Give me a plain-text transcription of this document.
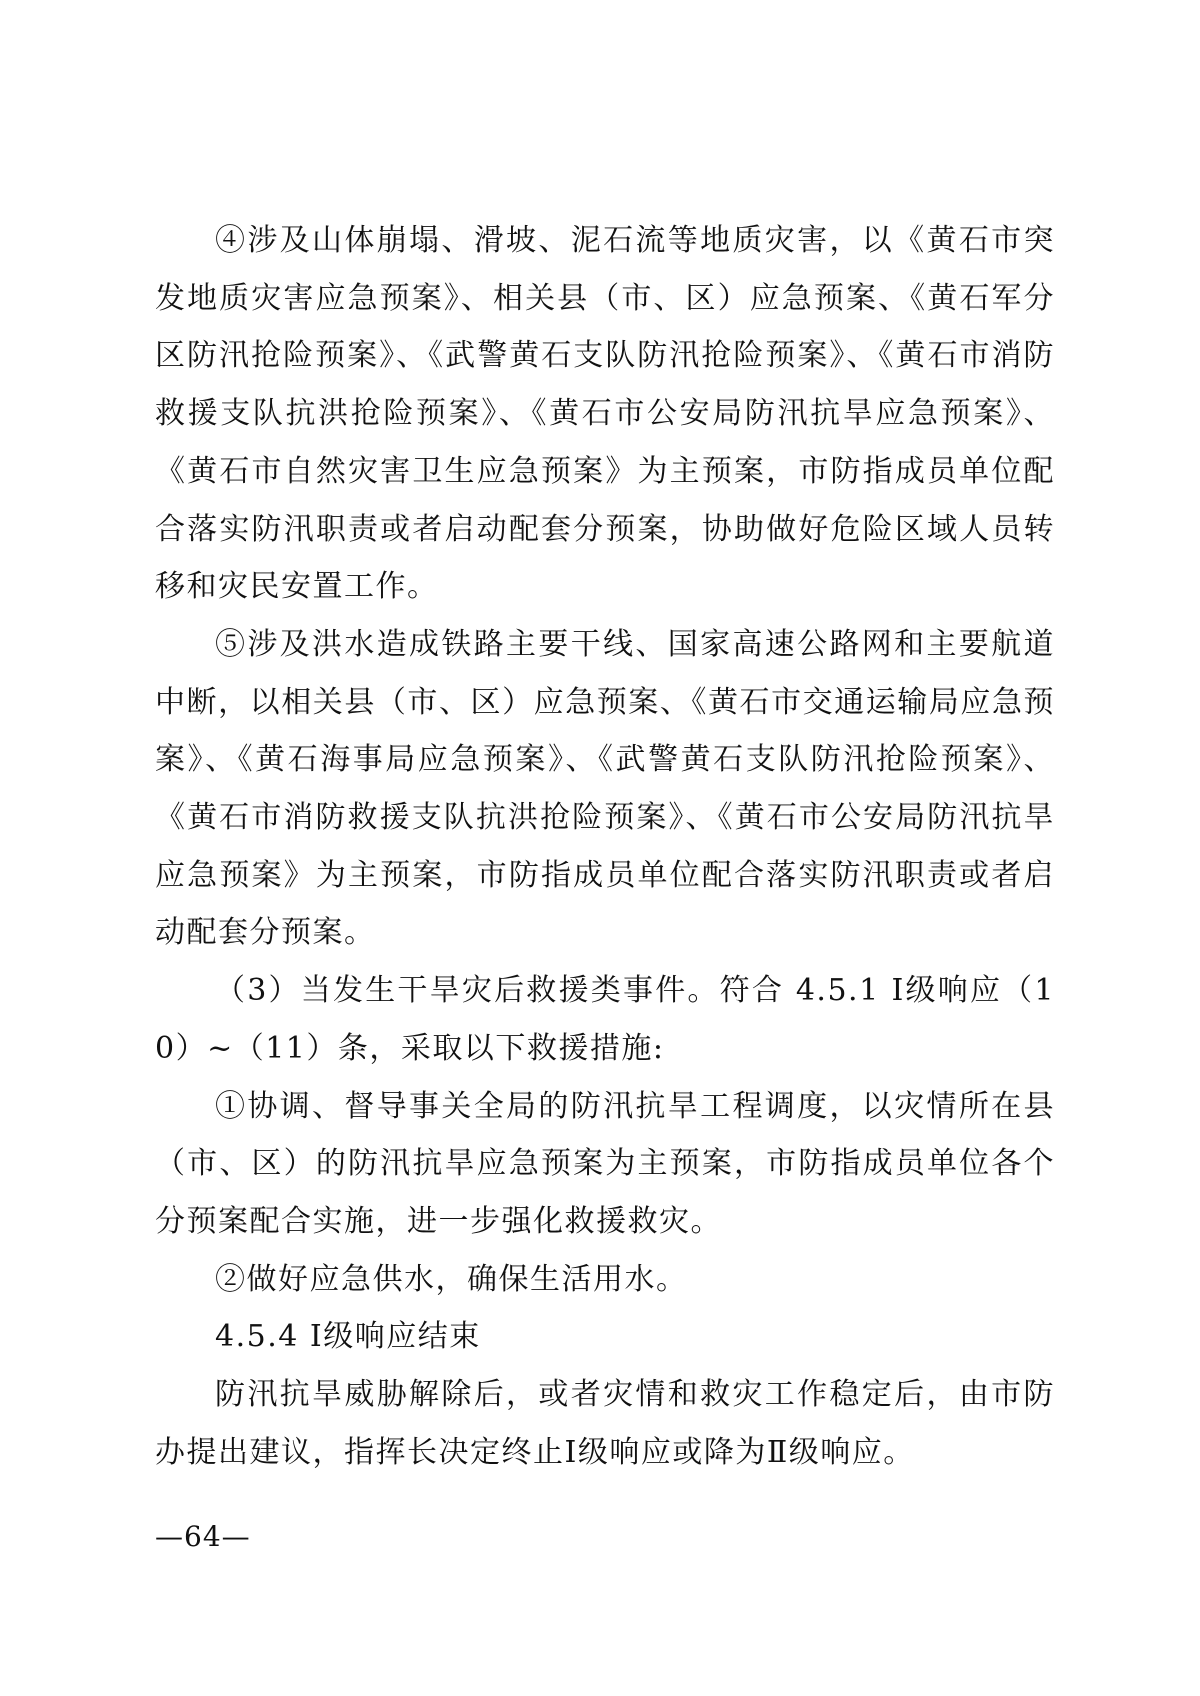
④涉及山体崩塌、滑坡、泥石流等地质灾害，以《黄石市突发地质灾害应急预案》、相关县（市、区）应急预案、《黄石军分区防汛抢险预案》、《武警黄石支队防汛抢险预案》、《黄石市消防救援支队抗洪抢险预案》、《黄石市公安局防汛抗旱应急预案》、《黄石市自然灾害卫生应急预案》为主预案，市防指成员单位配合落实防汛职责或者启动配套分预案，协助做好危险区域人员转移和灾民安置工作。

⑤涉及洪水造成铁路主要干线、国家高速公路网和主要航道中断，以相关县（市、区）应急预案、《黄石市交通运输局应急预案》、《黄石海事局应急预案》、《武警黄石支队防汛抢险预案》、《黄石市消防救援支队抗洪抢险预案》、《黄石市公安局防汛抗旱应急预案》为主预案，市防指成员单位配合落实防汛职责或者启动配套分预案。

（3）当发生干旱灾后救援类事件。符合 4.5.1 Ⅰ级响应（10）~（11）条，采取以下救援措施:

①协调、督导事关全局的防汛抗旱工程调度，以灾情所在县（市、区）的防汛抗旱应急预案为主预案，市防指成员单位各个分预案配合实施，进一步强化救援救灾。

②做好应急供水，确保生活用水。

4.5.4 Ⅰ级响应结束

防汛抗旱威胁解除后，或者灾情和救灾工作稳定后，由市防办提出建议，指挥长决定终止Ⅰ级响应或降为Ⅱ级响应。

—64—
